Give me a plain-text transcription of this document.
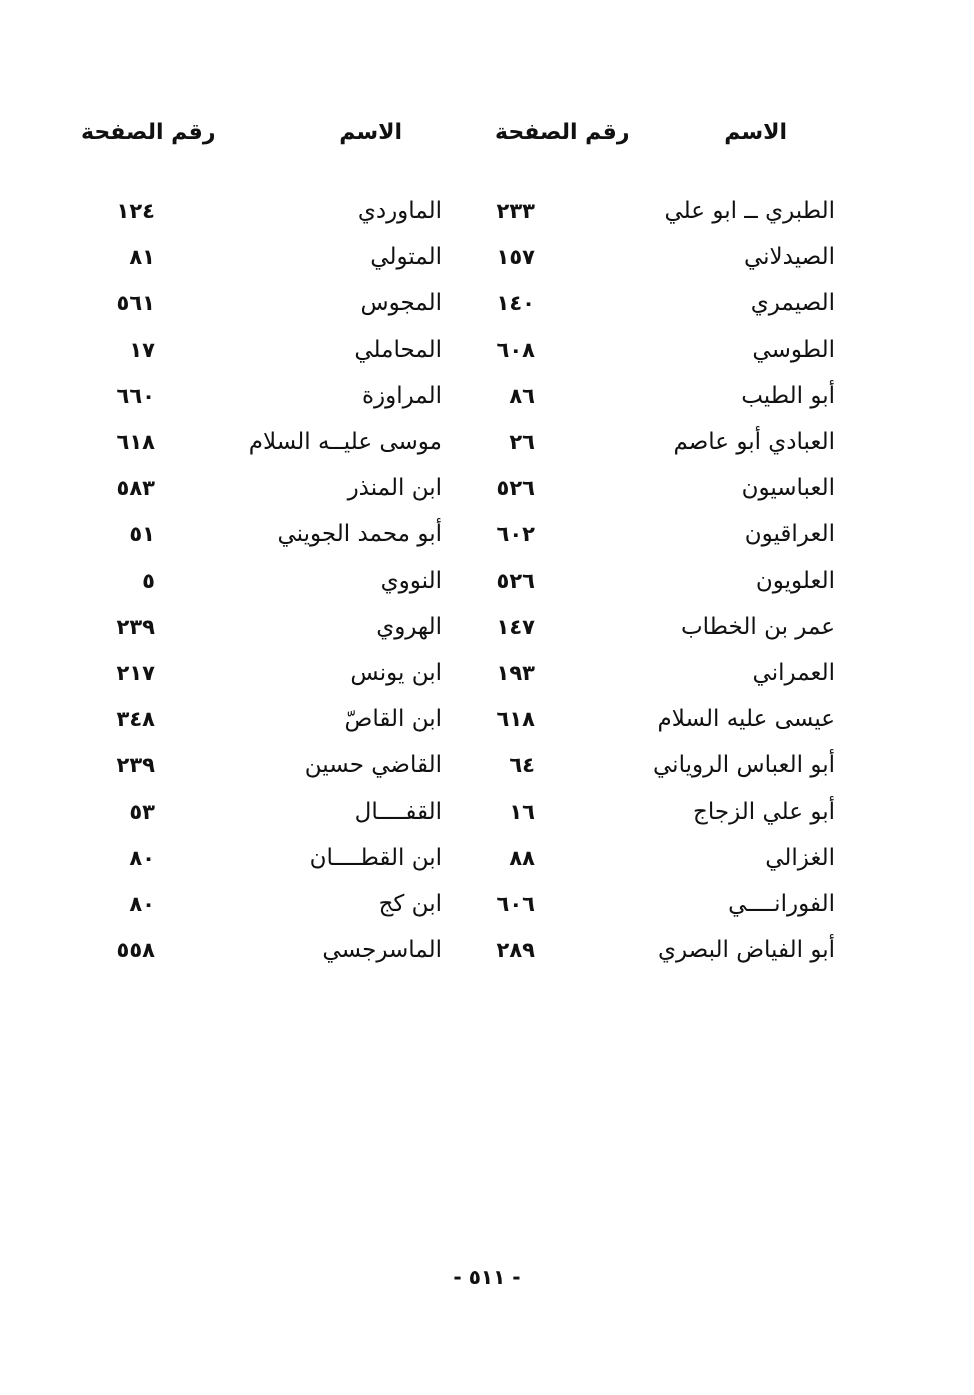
الاسم
رقم الصفحة
الطبري ــ ابو علي
٢٣٣
الصيدلاني
١٥٧
الصيمري
١٤٠
الطوسي
٦٠٨
أبو الطيب
٨٦
العبادي أبو عاصم
٢٦
العباسيون
٥٢٦
العراقيون
٦٠٢
العلويون
٥٢٦
عمر بن الخطاب
١٤٧
العمراني
١٩٣
عيسى عليه السلام
٦١٨
أبو العباس الروياني
٦٤
أبو علي الزجاج
١٦
الغزالي
٨٨
الفورانــــي
٦٠٦
أبو الفياض البصري
٢٨٩
الاسم
رقم الصفحة
الماوردي
١٢٤
المتولي
٨١
المجوس
٥٦١
المحاملي
١٧
المراوزة
٦٦٠
موسى عليــه السلام
٦١٨
ابن المنذر
٥٨٣
أبو محمد الجويني
٥١
النووي
٥
الهروي
٢٣٩
ابن يونس
٢١٧
ابن القاصّ
٣٤٨
القاضي حسين
٢٣٩
القفــــال
٥٣
ابن القطــــان
٨٠
ابن كج
٨٠
الماسرجسي
٥٥٨
- ٥١١ -
